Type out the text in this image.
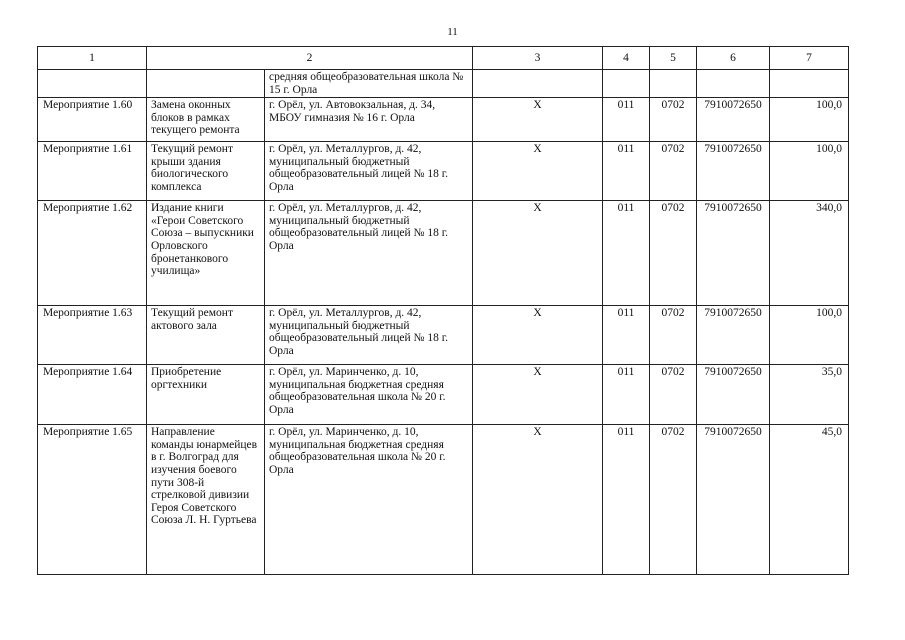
11
1	2		3	4	5	6	7
		средняя общеобразовательная школа № 15 г. Орла					
Мероприятие 1.60	Замена оконных блоков в рамках текущего ремонта	г. Орёл, ул. Автовокзальная, д. 34, МБОУ гимназия № 16 г. Орла	Х	011	0702	7910072650	100,0
Мероприятие 1.61	Текущий ремонт крыши здания биологического комплекса	г. Орёл, ул. Металлургов, д. 42, муниципальный бюджетный общеобразовательный лицей № 18 г. Орла	Х	011	0702	7910072650	100,0
Мероприятие 1.62	Издание книги «Герои Советского Союза – выпускники Орловского бронетанкового училища»	г. Орёл, ул. Металлургов, д. 42, муниципальный бюджетный общеобразовательный лицей № 18 г. Орла	Х	011	0702	7910072650	340,0
Мероприятие 1.63	Текущий ремонт актового зала	г. Орёл, ул. Металлургов, д. 42, муниципальный бюджетный общеобразовательный лицей № 18 г. Орла	Х	011	0702	7910072650	100,0
Мероприятие 1.64	Приобретение оргтехники	г. Орёл, ул. Маринченко, д. 10, муниципальная бюджетная средняя общеобразовательная школа № 20 г. Орла	Х	011	0702	7910072650	35,0
Мероприятие 1.65	Направление команды юнармейцев в г. Волгоград для изучения боевого пути 308-й стрелковой дивизии Героя Советского Союза Л. Н. Гуртьева	г. Орёл, ул. Маринченко, д. 10, муниципальная бюджетная средняя общеобразовательная школа № 20 г. Орла	Х	011	0702	7910072650	45,0
